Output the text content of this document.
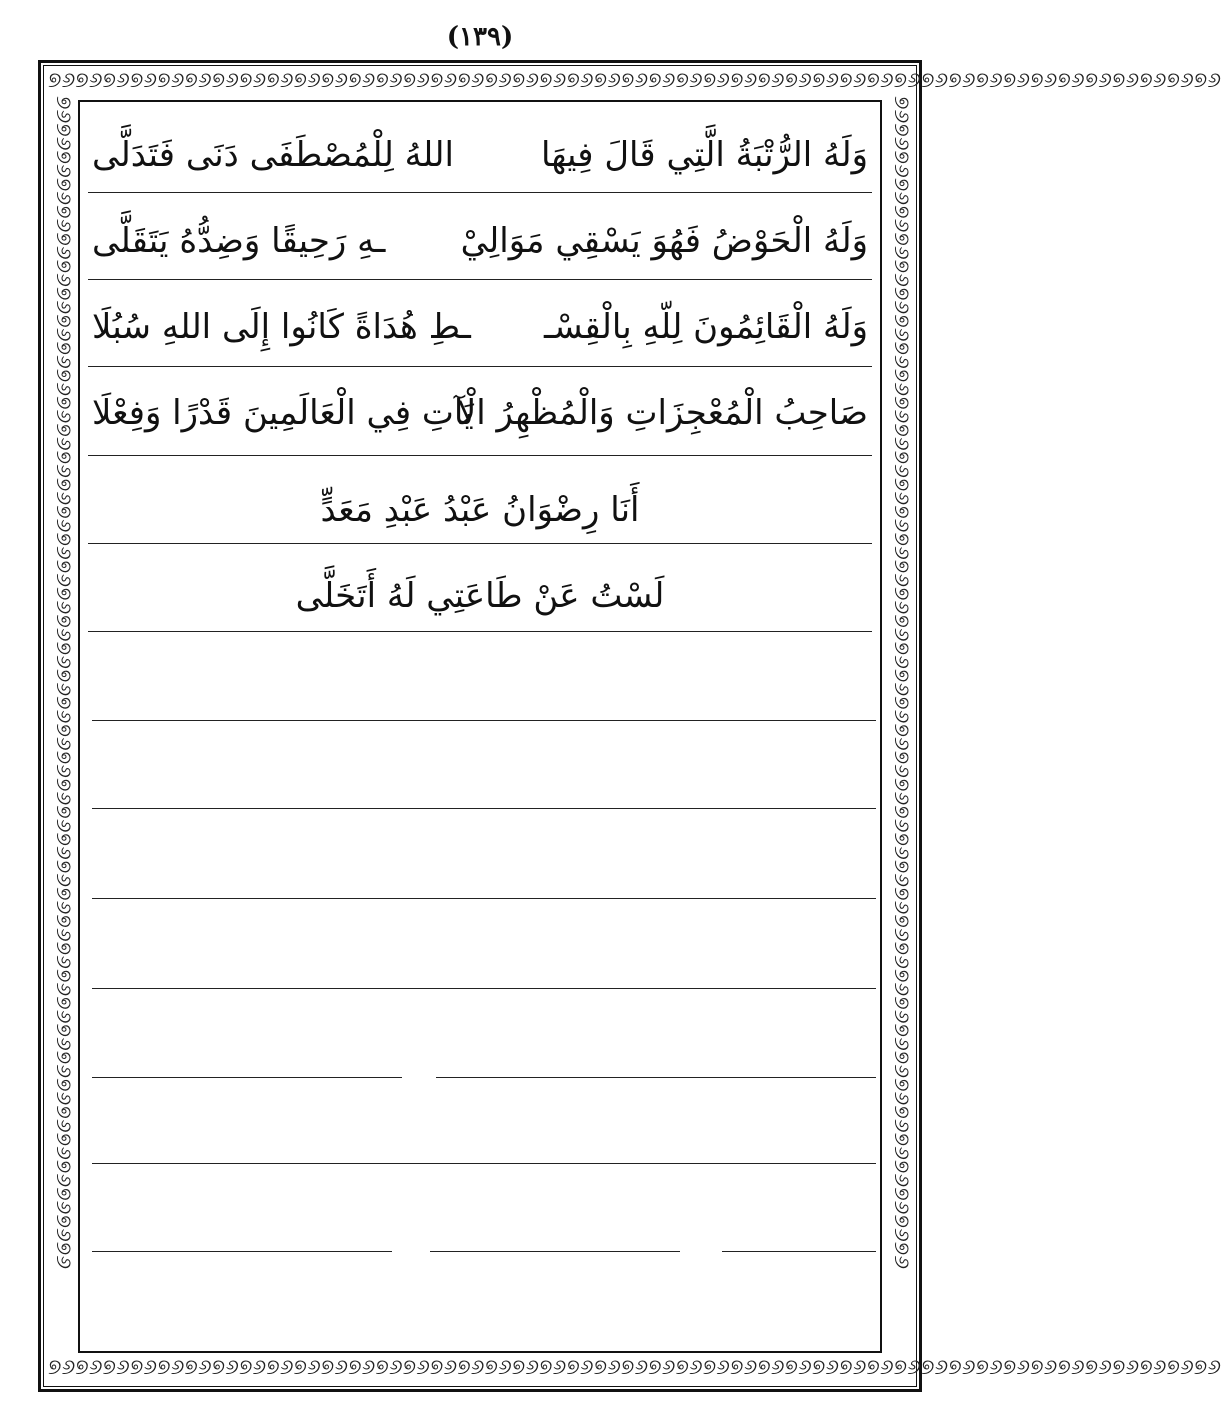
(١٣٩)
୭୬୭୬୭୬୭୬୭୬୭୬୭୬୭୬୭୬୭୬୭୬୭୬୭୬୭୬୭୬୭୬୭୬୭୬୭୬୭୬୭୬୭୬୭୬୭୬୭୬୭୬୭୬୭୬୭୬୭୬୭୬୭୬୭୬୭୬୭୬୭୬୭୬୭୬୭୬୭୬୭୬୭୬୭୬
୭୬୭୬୭୬୭୬୭୬୭୬୭୬୭୬୭୬୭୬୭୬୭୬୭୬୭୬୭୬୭୬୭୬୭୬୭୬୭୬୭୬୭୬୭୬୭୬୭୬୭୬୭୬୭୬୭୬୭୬୭୬୭୬୭୬୭୬୭୬୭୬୭୬୭୬୭୬୭୬୭୬୭୬୭୬
୭୬୭୬୭୬୭୬୭୬୭୬୭୬୭୬୭୬୭୬୭୬୭୬୭୬୭୬୭୬୭୬୭୬୭୬୭୬୭୬୭୬୭୬୭୬୭୬୭୬୭୬୭୬୭୬୭୬୭୬୭୬୭୬୭୬୭୬୭୬୭୬୭୬୭୬୭୬୭୬୭୬୭୬୭୬	୭୬୭୬୭୬୭୬୭୬୭୬୭୬୭୬୭୬୭୬୭୬୭୬୭୬୭୬୭୬୭୬୭୬୭୬୭୬୭୬୭୬୭୬୭୬୭୬୭୬୭୬୭୬୭୬୭୬୭୬୭୬୭୬୭୬୭୬୭୬୭୬୭୬୭୬୭୬୭୬୭୬୭୬୭୬
وَلَهُ الرُّتْبَةُ الَّتِي قَالَ فِيهَا
اللهُ لِلْمُصْطَفَى دَنَى فَتَدَلَّى
وَلَهُ الْحَوْضُ فَهُوَ يَسْقِي مَوَالِيْ
ـهِ رَحِيقًا وَضِدُّهُ يَتَقَلَّى
وَلَهُ الْقَائِمُونَ لِلّهِ بِالْقِسْـ
ـطِ هُدَاةً كَانُوا إِلَى اللهِ سُبُلَا
صَاحِبُ الْمُعْجِزَاتِ وَالْمُظْهِرُ الْآ
يَاتِ فِي الْعَالَمِينَ قَدْرًا وَفِعْلَا
أَنَا رِضْوَانُ عَبْدُ عَبْدِ مَعَدٍّ
لَسْتُ عَنْ طَاعَتِي لَهُ أَتَخَلَّى
